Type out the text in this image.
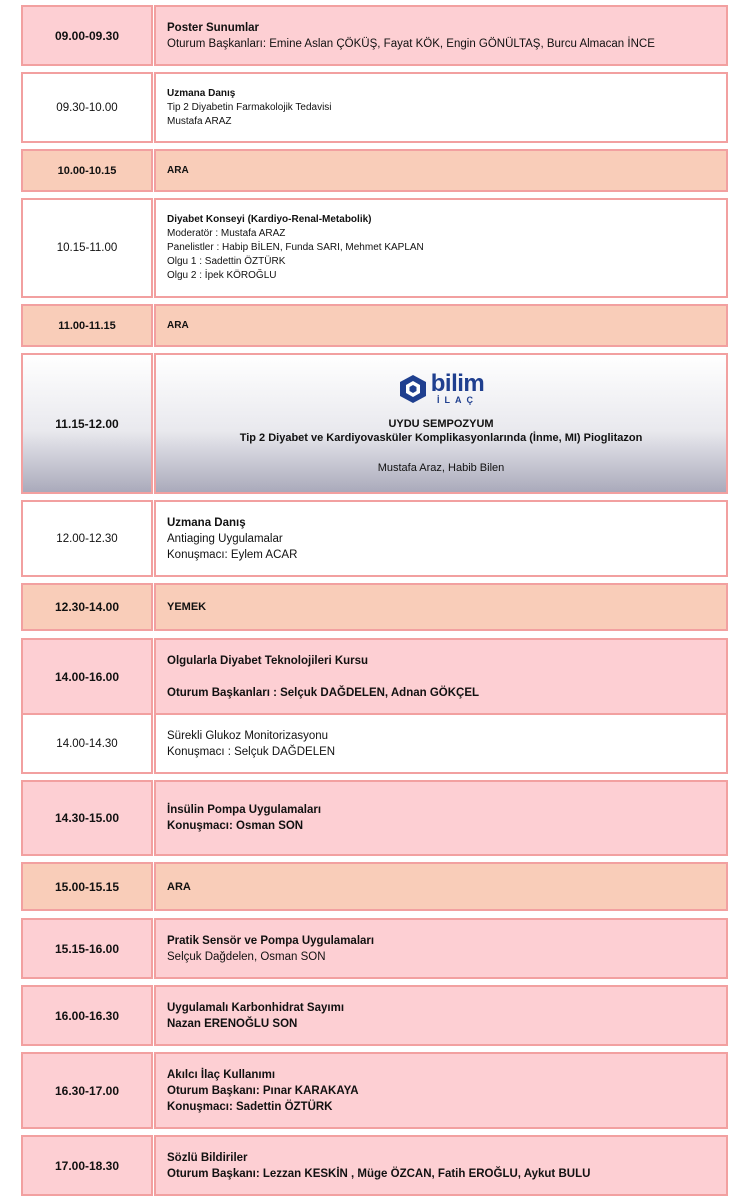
09.00-09.30
Poster Sunumlar
Oturum Başkanları: Emine Aslan ÇÖKÜŞ, Fayat KÖK, Engin GÖNÜLTAŞ, Burcu Almacan İNCE
09.30-10.00
Uzmana Danış
Tip 2 Diyabetin Farmakolojik Tedavisi
Mustafa ARAZ
10.00-10.15	ARA
10.15-11.00
Diyabet Konseyi (Kardiyo-Renal-Metabolik)
Moderatör : Mustafa ARAZ
Panelistler : Habip BİLEN, Funda SARI, Mehmet KAPLAN
Olgu 1 : Sadettin ÖZTÜRK
Olgu 2 : İpek KÖROĞLU
11.00-11.15	ARA
11.15-12.00
bilim
İLAÇ
UYDU SEMPOZYUM
Tip 2 Diyabet ve Kardiyovasküler Komplikasyonlarında (İnme, MI) Pioglitazon
Mustafa Araz, Habib Bilen
12.00-12.30
Uzmana Danış
Antiaging Uygulamalar
Konuşmacı: Eylem ACAR
12.30-14.00	YEMEK
14.00-16.00
Olgularla Diyabet Teknolojileri Kursu
Oturum Başkanları : Selçuk DAĞDELEN, Adnan GÖKÇEL
14.00-14.30
Sürekli Glukoz Monitorizasyonu
Konuşmacı : Selçuk DAĞDELEN
14.30-15.00
İnsülin Pompa Uygulamaları
Konuşmacı: Osman SON
15.00-15.15	ARA
15.15-16.00
Pratik Sensör ve Pompa Uygulamaları
Selçuk Dağdelen, Osman SON
16.00-16.30
Uygulamalı Karbonhidrat Sayımı
Nazan ERENOĞLU SON
16.30-17.00
Akılcı İlaç Kullanımı
Oturum Başkanı: Pınar KARAKAYA
Konuşmacı: Sadettin ÖZTÜRK
17.00-18.30
Sözlü Bildiriler
Oturum Başkanı: Lezzan KESKİN , Müge ÖZCAN, Fatih EROĞLU, Aykut BULU
